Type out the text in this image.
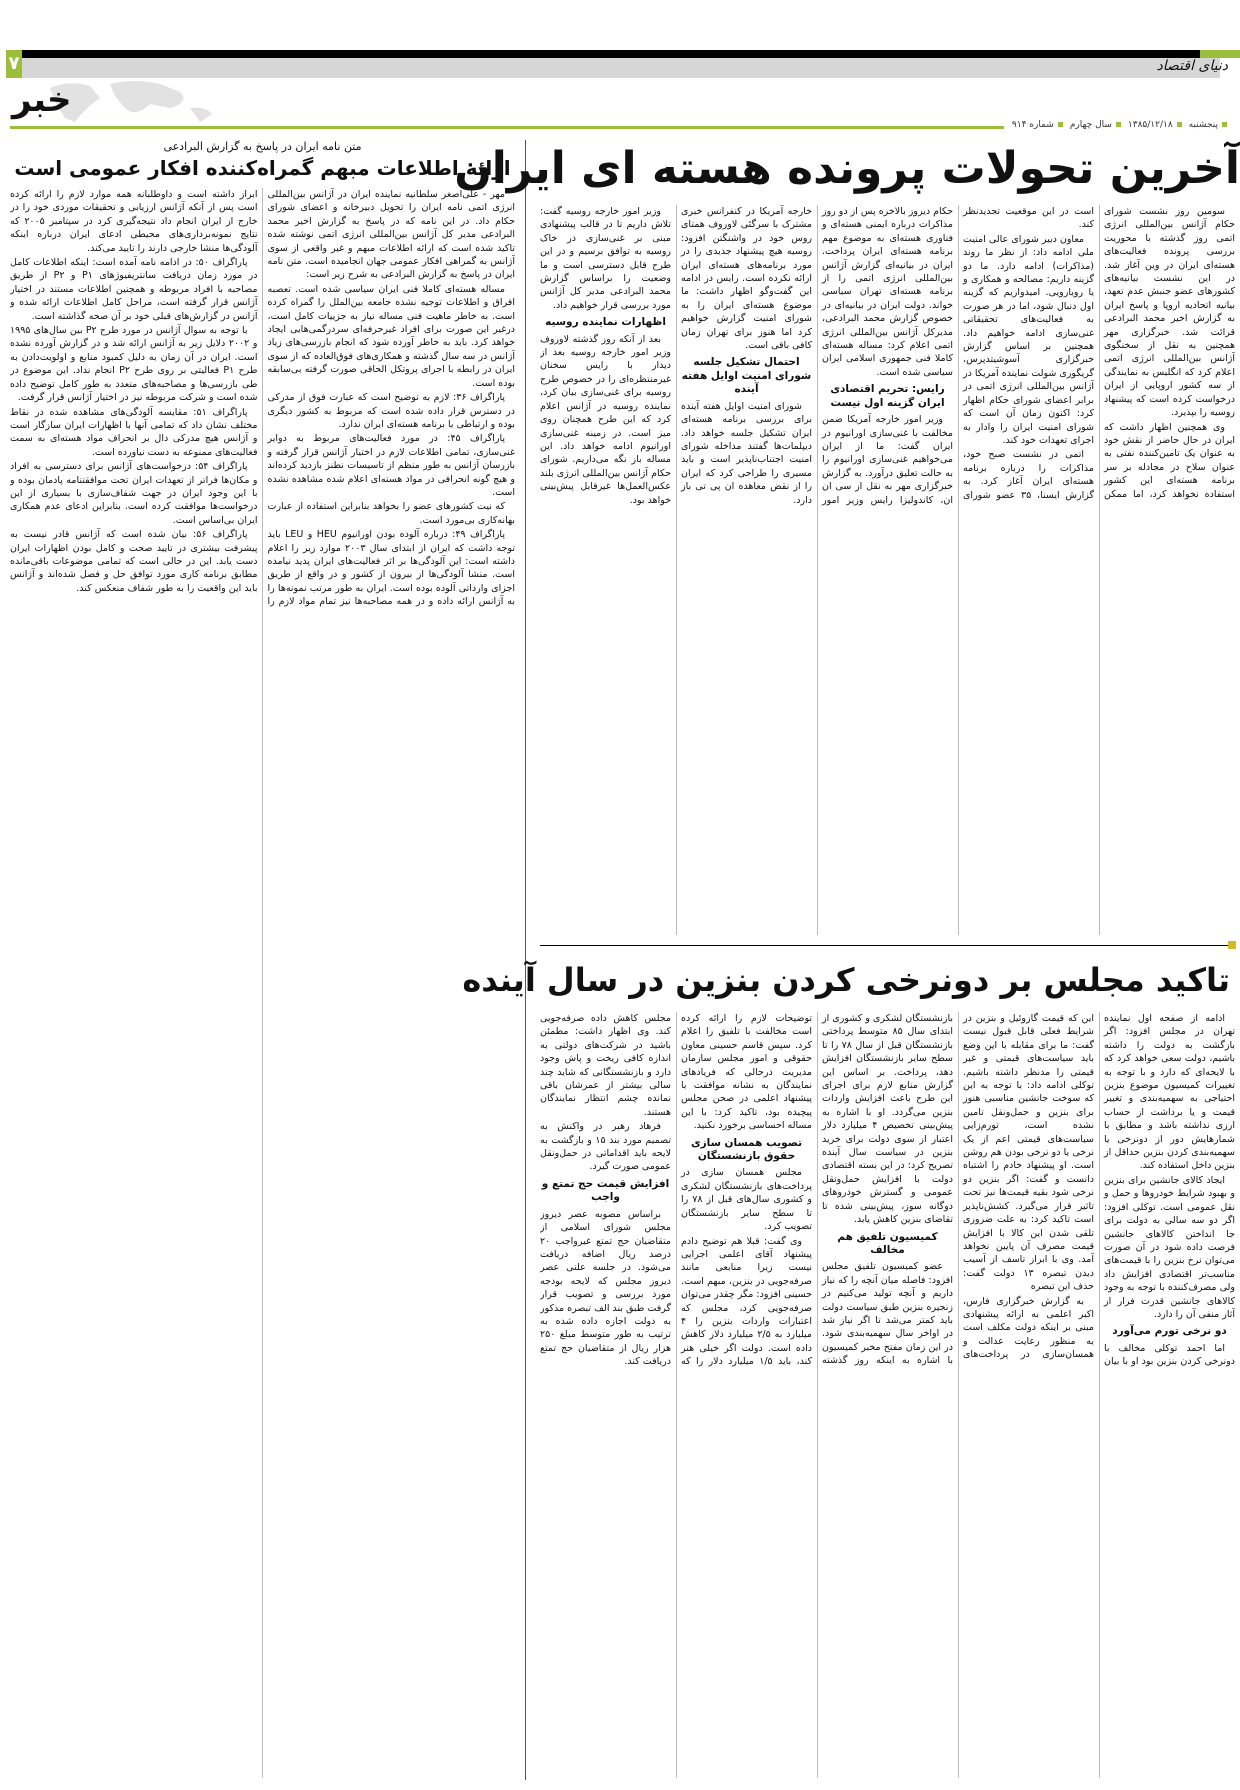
۷	دنیای اقتصاد
خبر
پنجشنبه۱۳۸۵/۱۲/۱۸سال چهارمشماره ۹۱۴
متن نامه ایران در پاسخ به گزارش البرادعی
ارائه اطلاعات مبهم گمراه‌کننده افکار عمومی است

مهر - علی‌اصغر سلطانیه نماینده ایران در آژانس بین‌المللی انرژی اتمی نامه ایران را تحویل دبیرخانه و اعضای شورای حکام داد. در این نامه که در پاسخ به گزارش اخیر محمد البرادعی مدیر کل آژانس بین‌المللی انرژی اتمی نوشته شده تاکید شده است که ارائه اطلاعات مبهم و غیر واقعی از سوی آژانس به گمراهی افکار عمومی جهان انجامیده است. متن نامه ایران در پاسخ به گزارش البرادعی به شرح زیر است:

مساله هسته‌ای کاملا فنی ایران سیاسی شده است. تعصبه افراق و اطلاعات توجیه نشده جامعه بین‌الملل را گمراه کرده است. به خاطر ماهیت فنی مساله نیاز به جزییات کامل است، درغیر این صورت برای افراد غیرحرفه‌ای سردرگمی‌هایی ایجاد خواهد کرد. باید به خاطر آورده شود که انجام بازرسی‌های زیاد آژانس در سه سال گذشته و همکاری‌های فوق‌العاده که از سوی ایران در رابطه با اجرای پروتکل الحاقی صورت گرفته بی‌سابقه بوده است.

پاراگراف ۳۶: لازم به توضیح است که عبارت فوق از مدرکی در دسترس قرار داده شده است که مربوط به کشور دیگری بوده و ارتباطی با برنامه هسته‌ای ایران ندارد.

پاراگراف ۴۵: در مورد فعالیت‌های مربوط به دوایر غنی‌سازی، تمامی اطلاعات لازم در اختیار آژانس قرار گرفته و بازرسان آژانس به طور منظم از تاسیسات نطنز بازدید کرده‌اند و هیچ گونه انحرافی در مواد هسته‌ای اعلام شده مشاهده نشده است.

که نیت کشورهای عضو را بخواهد بنابراین استفاده از عبارت بهانه‌کاری بی‌مورد است.

پاراگراف ۴۹: درباره آلوده بودن اورانیوم HEU و LEU باید توجه داشت که ایران از ابتدای سال ۲۰۰۳ موارد زیر را اعلام داشته است: این آلودگی‌ها بر اثر فعالیت‌های ایران پدید نیامده است. منشا آلودگی‌ها از بیرون از کشور و در واقع از طریق اجزای وارداتی آلوده بوده است. ایران به طور مرتب نمونه‌ها را به آژانس ارائه داده و در همه مصاحبه‌ها نیز تمام مواد لازم را ابراز داشته است و داوطلبانه همه موارد لازم را ارائه کرده است پس از آنکه آژانس ارزیابی و تحقیقات موردی خود را در خارج از ایران انجام داد نتیجه‌گیری کرد در سپتامبر ۲۰۰۵ که نتایج نمونه‌برداری‌های محیطی ادعای ایران درباره اینکه آلودگی‌ها منشا خارجی دارند را تایید می‌کند.

پاراگراف ۵۰: در ادامه نامه آمده است: اینکه اطلاعات کامل در مورد زمان دریافت سانتریفیوژهای P۱ و P۲ از طریق مصاحبه با افراد مربوطه و همچنین اطلاعات مستند در اختیار آژانس قرار گرفته است، مراحل کامل اطلاعات ارائه شده و آژانس در گزارش‌های قبلی خود بر آن صحه گذاشته است.

با توجه به سوال آژانس در مورد طرح P۲ بین سال‌های ۱۹۹۵ و ۲۰۰۲ دلایل زیر به آژانس ارائه شد و در گزارش آورده نشده است. ایران در آن زمان به دلیل کمبود منابع و اولویت‌دادن به طرح P۱ فعالیتی بر روی طرح P۲ انجام نداد. این موضوع در طی بازرسی‌ها و مصاحبه‌های متعدد به طور کامل توضیح داده شده است و شرکت مربوطه نیز در اختیار آژانس قرار گرفت.

پاراگراف ۵۱: مقایسه آلودگی‌های مشاهده شده در نقاط مختلف نشان داد که تمامی آنها با اظهارات ایران سازگار است و آژانس هیچ مدرکی دال بر انحراف مواد هسته‌ای به سمت فعالیت‌های ممنوعه به دست نیاورده است.

پاراگراف ۵۴: درخواست‌های آژانس برای دسترسی به افراد و مکان‌ها فراتر از تعهدات ایران تحت موافقتنامه پادمان بوده و با این وجود ایران در جهت شفاف‌سازی با بسیاری از این درخواست‌ها موافقت کرده است. بنابراین ادعای عدم همکاری ایران بی‌اساس است.

پاراگراف ۵۶: بیان شده است که آژانس قادر نیست به پیشرفت بیشتری در تایید صحت و کامل بودن اظهارات ایران دست یابد. این در حالی است که تمامی موضوعات باقی‌مانده مطابق برنامه کاری مورد توافق حل و فصل شده‌اند و آژانس باید این واقعیت را به طور شفاف منعکس کند.

آخرین تحولات پرونده هسته ای ایران

سومین روز نشست شورای حکام آژانس بین‌المللی انرژی اتمی روز گذشته با محوریت بررسی پرونده فعالیت‌های هسته‌ای ایران در وین آغاز شد. در این نشست بیانیه‌های کشورهای عضو جنبش عدم تعهد، بیانیه اتحادیه اروپا و پاسخ ایران به گزارش اخیر محمد البرادعی قرائت شد. خبرگزاری مهر همچنین به نقل از سخنگوی آژانس بین‌المللی انرژی اتمی اعلام کرد که انگلیس به نمایندگی از سه کشور اروپایی از ایران درخواست کرده است که پیشنهاد روسیه را بپذیرد.

وی همچنین اظهار داشت که ایران در حال حاضر از نقش خود به عنوان یک تامین‌کننده نفتی به عنوان سلاح در مجادله بر سر برنامه هسته‌ای این کشور استفاده نخواهد کرد، اما ممکن است در این موقعیت تجدیدنظر کند.

معاون دبیر شورای عالی امنیت ملی ادامه داد: از نظر ما روند (مذاکرات) ادامه دارد. ما دو گزینه داریم: مصالحه و همکاری و یا رویارویی. امیدواریم که گزینه اول دنبال شود، اما در هر صورت به فعالیت‌های تحقیقاتی غنی‌سازی ادامه خواهیم داد. همچنین بر اساس گزارش خبرگزاری آسوشیتدپرس، گریگوری شولت نماینده آمریکا در آژانس بین‌المللی انرژی اتمی در برابر اعضای شورای حکام اظهار کرد: اکنون زمان آن است که شورای امنیت ایران را وادار به اجرای تعهدات خود کند.

اتمی در نشست صبح خود، مذاکرات را درباره برنامه هسته‌ای ایران آغاز کرد. به گزارش ایسنا، ۳۵ عضو شورای حکام دیروز بالاخره پس از دو روز مذاکرات درباره ایمنی هسته‌ای و فناوری هسته‌ای به موضوع مهم برنامه هسته‌ای ایران پرداخت. ایران در بیانیه‌ای گزارش آژانس بین‌المللی انرژی اتمی را از برنامه هسته‌ای تهران سیاسی خواند. دولت ایران در بیانیه‌ای در خصوص گزارش محمد البرادعی، مدیرکل آژانس بین‌المللی انرژی اتمی اعلام کرد: مساله هسته‌ای کاملا فنی جمهوری اسلامی ایران سیاسی شده است.

رایس: تحریم اقتصادی ایران گزینه اول نیست

وزیر امور خارجه آمریکا ضمن مخالفت با غنی‌سازی اورانیوم در ایران گفت: ما از ایران می‌خواهیم غنی‌سازی اورانیوم را به حالت تعلیق درآورد. به گزارش خبرگزاری مهر به نقل از سی ان ان، کاندولیزا رایس وزیر امور خارجه آمریکا در کنفرانس خبری مشترک با سرگئی لاوروف همتای روس خود در واشنگتن افزود: روسیه هیچ پیشنهاد جدیدی را در مورد برنامه‌های هسته‌ای ایران ارائه نکرده است. رایس در ادامه این گفت‌وگو اظهار داشت: ما موضوع هسته‌ای ایران را به شورای امنیت گزارش خواهیم کرد اما هنوز برای تهران زمان کافی باقی است.

احتمال تشکیل جلسه شورای امنیت اوایل هفته آینده

شورای امنیت اوایل هفته آینده برای بررسی برنامه هسته‌ای ایران تشکیل جلسه خواهد داد. دیپلمات‌ها گفتند مداخله شورای امنیت اجتناب‌ناپذیر است و باید مسیری را طراحی کرد که ایران را از نقض معاهده ان پی تی باز دارد.

وزیر امور خارجه روسیه گفت: تلاش داریم تا در قالب پیشنهادی مبنی بر غنی‌سازی در خاک روسیه به توافق برسیم و در این طرح قابل دسترسی است و ما وضعیت را براساس گزارش محمد البرادعی مدیر کل آژانس مورد بررسی قرار خواهیم داد.

اظهارات نماینده روسیه

بعد از آنکه روز گذشته لاوروف وزیر امور خارجه روسیه بعد از دیدار با رایس سخنان غیرمنتظره‌ای را در خصوص طرح روسیه برای غنی‌سازی بیان کرد، نماینده روسیه در آژانس اعلام کرد که این طرح همچنان روی میز است. در زمینه غنی‌سازی اورانیوم ادامه خواهد داد. این مساله باز نگه می‌داریم. شورای حکام آژانس بین‌المللی انرژی بلند عکس‌العمل‌ها غیرقابل پیش‌بینی خواهد بود.

تاکید مجلس بر دونرخی کردن بنزین در سال آینده

ادامه از صفحه اول نماینده تهران در مجلس افزود: اگر بازگشت به دولت را داشته باشیم، دولت سعی خواهد کرد که با لایحه‌ای که دارد و با توجه به تغییرات کمیسیون موضوع بنزین احتیاجی به سهمیه‌بندی و تغییر قیمت و یا برداشت از حساب ارزی نداشته باشد و مطابق با شمارهایش دور از دونرخی یا سهمیه‌بندی کردن بنزین حداقل از بنزین داخل استفاده کند.

ایجاد کالای جانشین برای بنزین و بهبود شرایط خودروها و حمل و نقل عمومی است. توکلی افزود: اگر دو سه سالی به دولت برای جا انداختن کالاهای جانشین فرصت داده شود در آن صورت می‌توان نرخ بنزین را با قیمت‌های مناسب‌تر اقتصادی افزایش داد ولی مصرف‌کننده با توجه به وجود کالاهای جانشین قدرت فرار از آثار منفی آن را دارد.

دو نرخی تورم می‌آورد

اما احمد توکلی مخالف با دونرخی کردن بنزین بود او با بیان این که قیمت گازوئیل و بنزین در شرایط فعلی قابل قبول نیست گفت: ما برای مقابله با این وضع باید سیاست‌های قیمتی و غیر قیمتی را مدنظر داشته باشیم. توکلی ادامه داد: با توجه به این که سوخت جانشین مناسبی هنوز برای بنزین و حمل‌ونقل تامین نشده است، تورم‌زایی سیاست‌های قیمتی اعم از یک نرخی یا دو نرخی بودن هم روشن است. او پیشنهاد خادم را اشتباه دانست و گفت: اگر بنزین دو نرخی شود بقیه قیمت‌ها نیز تحت تاثیر قرار می‌گیرد. کشش‌ناپذیر است تاکید کرد: به علت ضروری تلقی شدن این کالا با افزایش قیمت مصرف آن پایین نخواهد آمد. وی با ابراز تاسف از آسیب دیدن تبصره ۱۳ دولت گفت: حذف این تبصره

به گزارش خبرگزاری فارس، اکبر اعلمی به ارائه پیشنهادی مبنی بر اینکه دولت مکلف است به منظور رعایت عدالت و همسان‌سازی در پرداخت‌های بازنشستگان لشکری و کشوری از ابتدای سال ۸۵ متوسط پرداختی بازنشستگان قبل از سال ۷۸ را تا سطح سایر بازنشستگان افزایش دهد، پرداخت. بر اساس این گزارش منابع لازم برای اجرای این طرح باعث افزایش واردات بنزین می‌گردد. او با اشاره به پیش‌بینی تخصیص ۴ میلیارد دلار اعتبار از سوی دولت برای خرید بنزین در سیاست سال آینده تصریح کرد: در این بسته اقتصادی دولت با افزایش حمل‌ونقل عمومی و گسترش خودروهای دوگانه سوز، پیش‌بینی شده تا تقاضای بنزین کاهش یابد.

کمیسیون تلفیق هم مخالف

عضو کمیسیون تلفیق مجلس افزود: فاصله میان آنچه را که نیاز داریم و آنچه تولید می‌کنیم در زنجیره بنزین طبق سیاست دولت باید کمتر می‌شد تا اگر نیاز شد در اواخر سال سهمیه‌بندی شود. در این زمان مفتح مخبر کمیسیون با اشاره به اینکه روز گذشته توضیحات لازم را ارائه کرده است مخالفت با تلفیق را اعلام کرد. سپس قاسم حسینی معاون حقوقی و امور مجلس سازمان مدیریت درحالی که فریادهای نمایندگان به نشانه موافقت با پیشنهاد اعلمی در صحن مجلس پیچیده بود، تاکید کرد: با این مساله احساسی برخورد نکنید.

تصویب همسان سازی حقوق بازنشستگان

مجلس همسان سازی در پرداخت‌های بازنشستگان لشکری و کشوری سال‌های قبل از ۷۸ را تا سطح سایر بازنشستگان تصویب کرد.

وی گفت: قبلا هم توضیح دادم پیشنهاد آقای اعلمی اجرایی نیست زیرا منابعی مانند صرفه‌جویی در بنزین، مبهم است. حسینی افزود: مگر چقدر می‌توان صرفه‌جویی کرد، مجلس که اعتبارات واردات بنزین را ۴ میلیارد به ۲/۵ میلیارد دلار کاهش داده است. دولت اگر خیلی هنر کند، باید ۱/۵ میلیارد دلار را که مجلس کاهش داده صرفه‌جویی کند. وی اظهار داشت: مطمئن باشید در شرکت‌های دولتی به اندازه کافی ریخت و پاش وجود دارد و بازنشستگانی که شاید چند سالی بیشتر از عمرشان باقی نمانده چشم انتظار نمایندگان هستند.

فرهاد رهبر در واکنش به تصمیم مورد بند ۱۵ و بازگشت به لایحه باید اقداماتی در حمل‌ونقل عمومی صورت گیرد.

افزایش قیمت حج تمتع و واجب

براساس مصوبه عصر دیروز مجلس شورای اسلامی از متقاضیان حج تمتع غیرواجب ۲۰ درصد ریال اضافه دریافت می‌شود. در جلسه علنی عصر دیروز مجلس که لایحه بودجه مورد بررسی و تصویب قرار گرفت طبق بند الف تبصره مذکور به دولت اجازه داده شده به ترتیب به طور متوسط مبلغ ۲۵۰ هزار ریال از متقاضیان حج تمتع دریافت کند.
